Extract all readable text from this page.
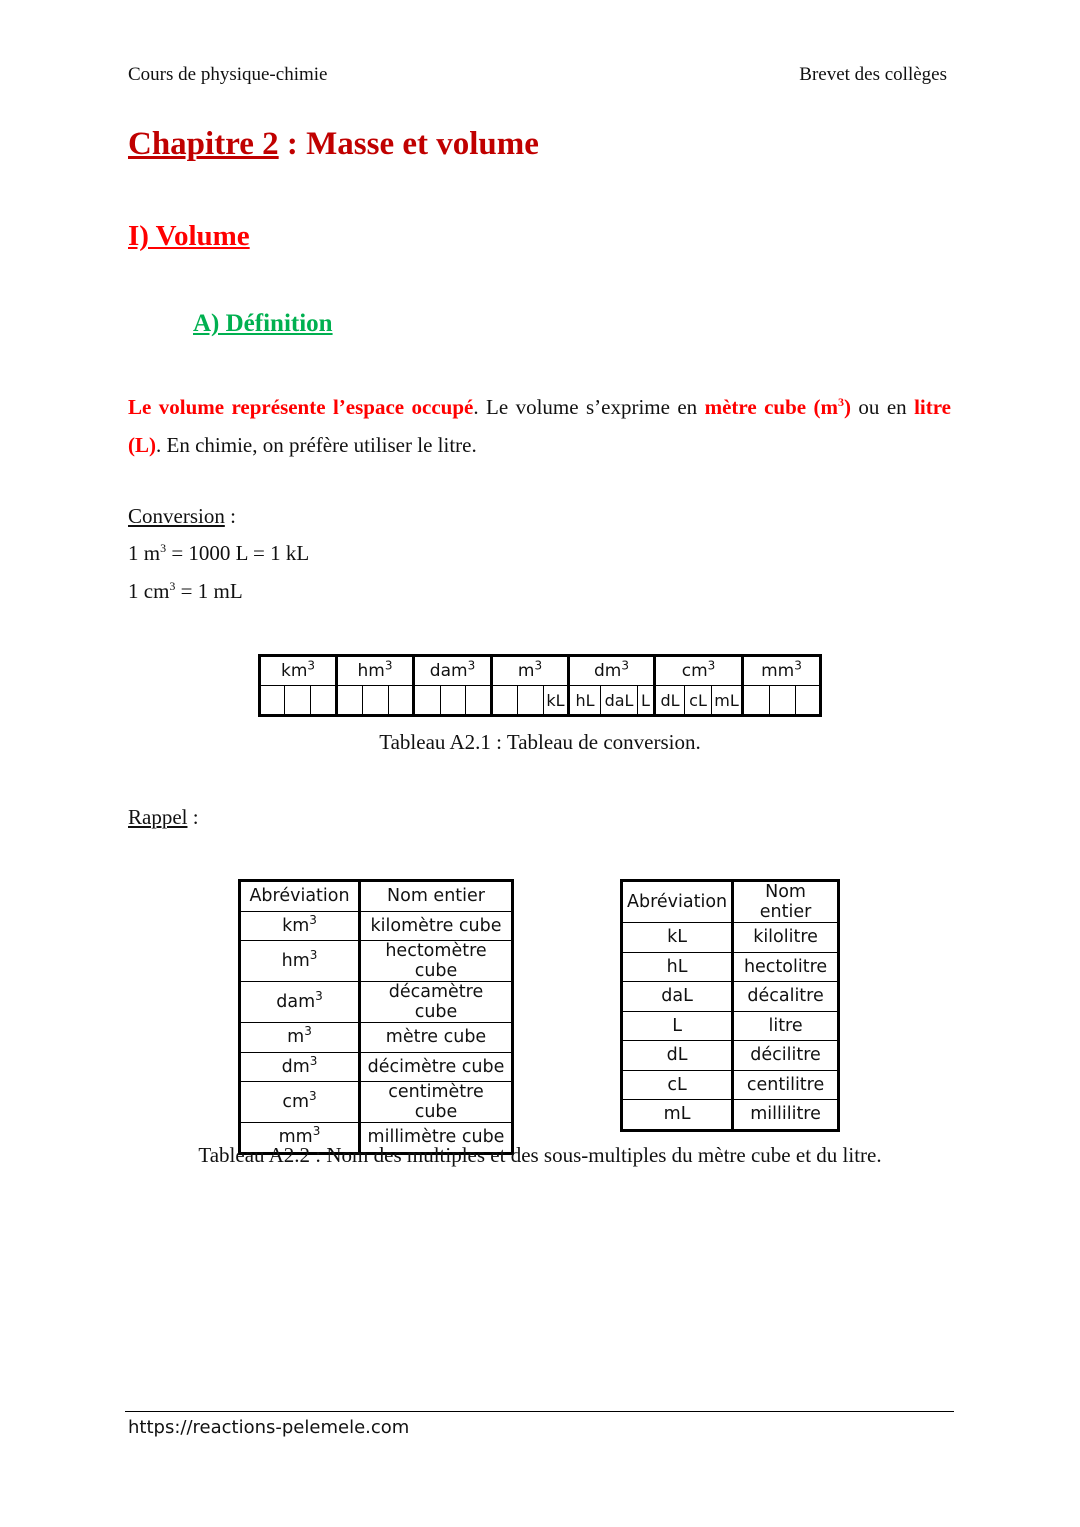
Cours de physique-chimie	Brevet des collèges
Chapitre 2 : Masse et volume
I) Volume
A) Définition
Le volume représente l’espace occupé. Le volume s’exprime en mètre cube $(m^3)$ ou en litre (L). En chimie, on préfère utiliser le litre.
Conversion :
1 $m^3 = 1000$ L = 1 kL
1 $cm^3 = 1$ mL
$km^3$			$hm^3$			dam$^3$			$m^3$			$dm^3$			$cm^3$			$mm^3$
											kL	hL	daL	L	dL	cL	mL			
Tableau A2.1 : Tableau de conversion.
Rappel :
Abréviation	Nom entier
$km^3$	kilomètre cube
$hm^3$	hectomètre cube
dam$^3$	décamètre cube
$m^3$	mètre cube
$dm^3$	décimètre cube
$cm^3$	centimètre cube
$mm^3$	millimètre cube
Abréviation	Nom entier
kL	kilolitre
hL	hectolitre
daL	décalitre
L	litre
dL	décilitre
cL	centilitre
mL	millilitre
Tableau A2.2 : Nom des multiples et des sous-multiples du mètre cube et du litre.
https://reactions-pelemele.com
